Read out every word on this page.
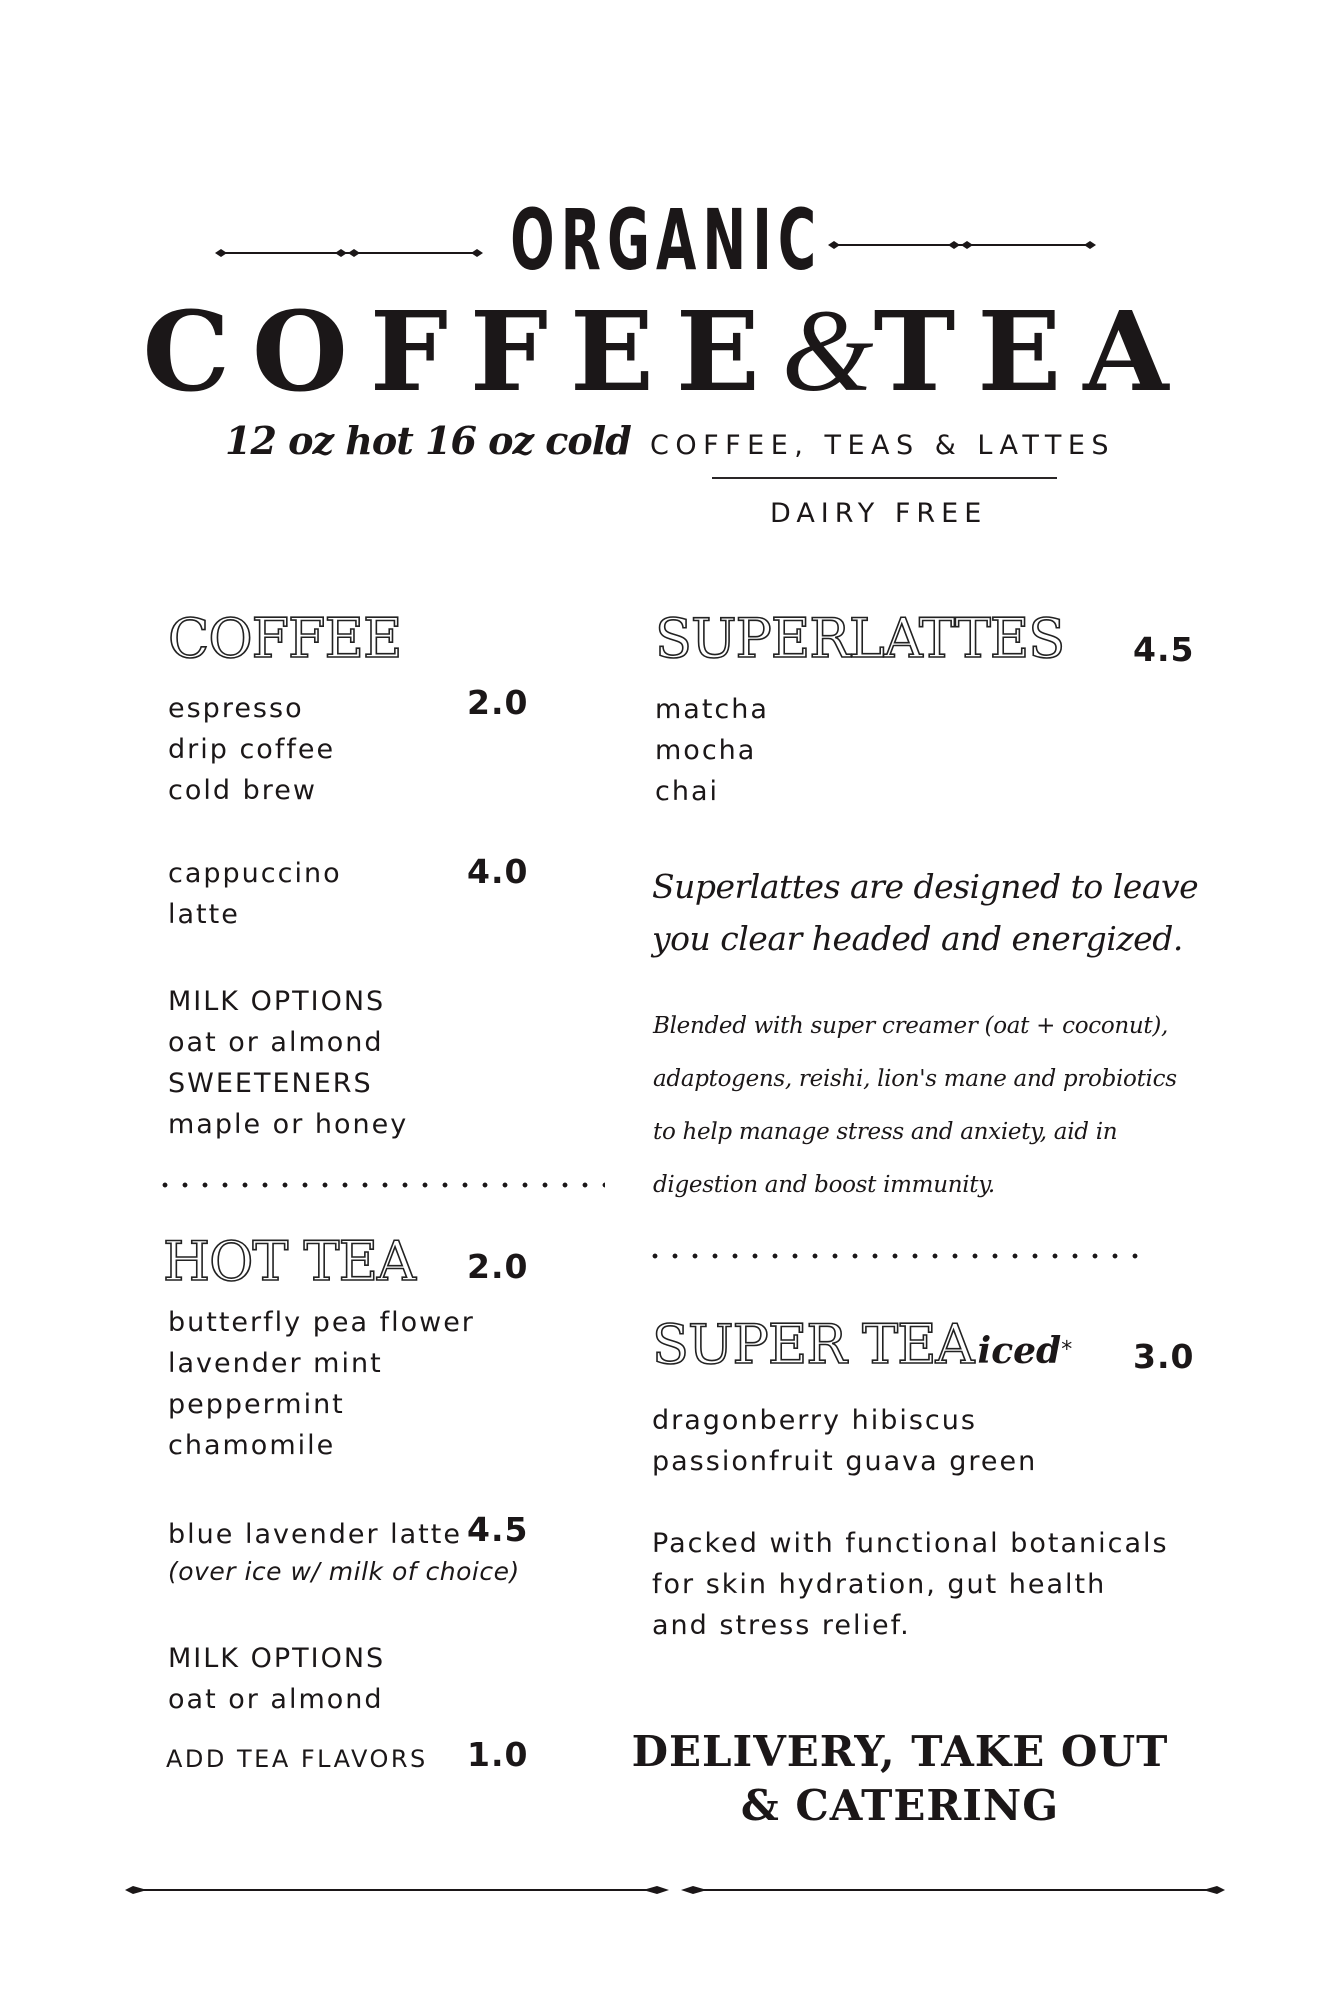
ORGANIC
COFFEE&TEA
12 oz hot 16 oz cold COFFEE, TEAS & LATTES
DAIRY FREE
COFFEE
espresso
drip coffee
cold brew
2.0
cappuccino
latte
4.0
MILK OPTIONS
oat or almond
SWEETENERS
maple or honey
HOT TEA 2.0
butterfly pea flower
lavender mint
peppermint
chamomile
blue lavender latte 4.5
(over ice w/ milk of choice)
MILK OPTIONS
oat or almond
ADD TEA FLAVORS 1.0
SUPERLATTES 4.5
matcha
mocha
chai
Superlattes are designed to leave
you clear headed and energized.
Blended with super creamer (oat + coconut),
adaptogens, reishi, lion's mane and probiotics
to help manage stress and anxiety, aid in
digestion and boost immunity.
SUPER TEA iced* 3.0
dragonberry hibiscus
passionfruit guava green
Packed with functional botanicals
for skin hydration, gut health
and stress relief.
DELIVERY, TAKE OUT
& CATERING
